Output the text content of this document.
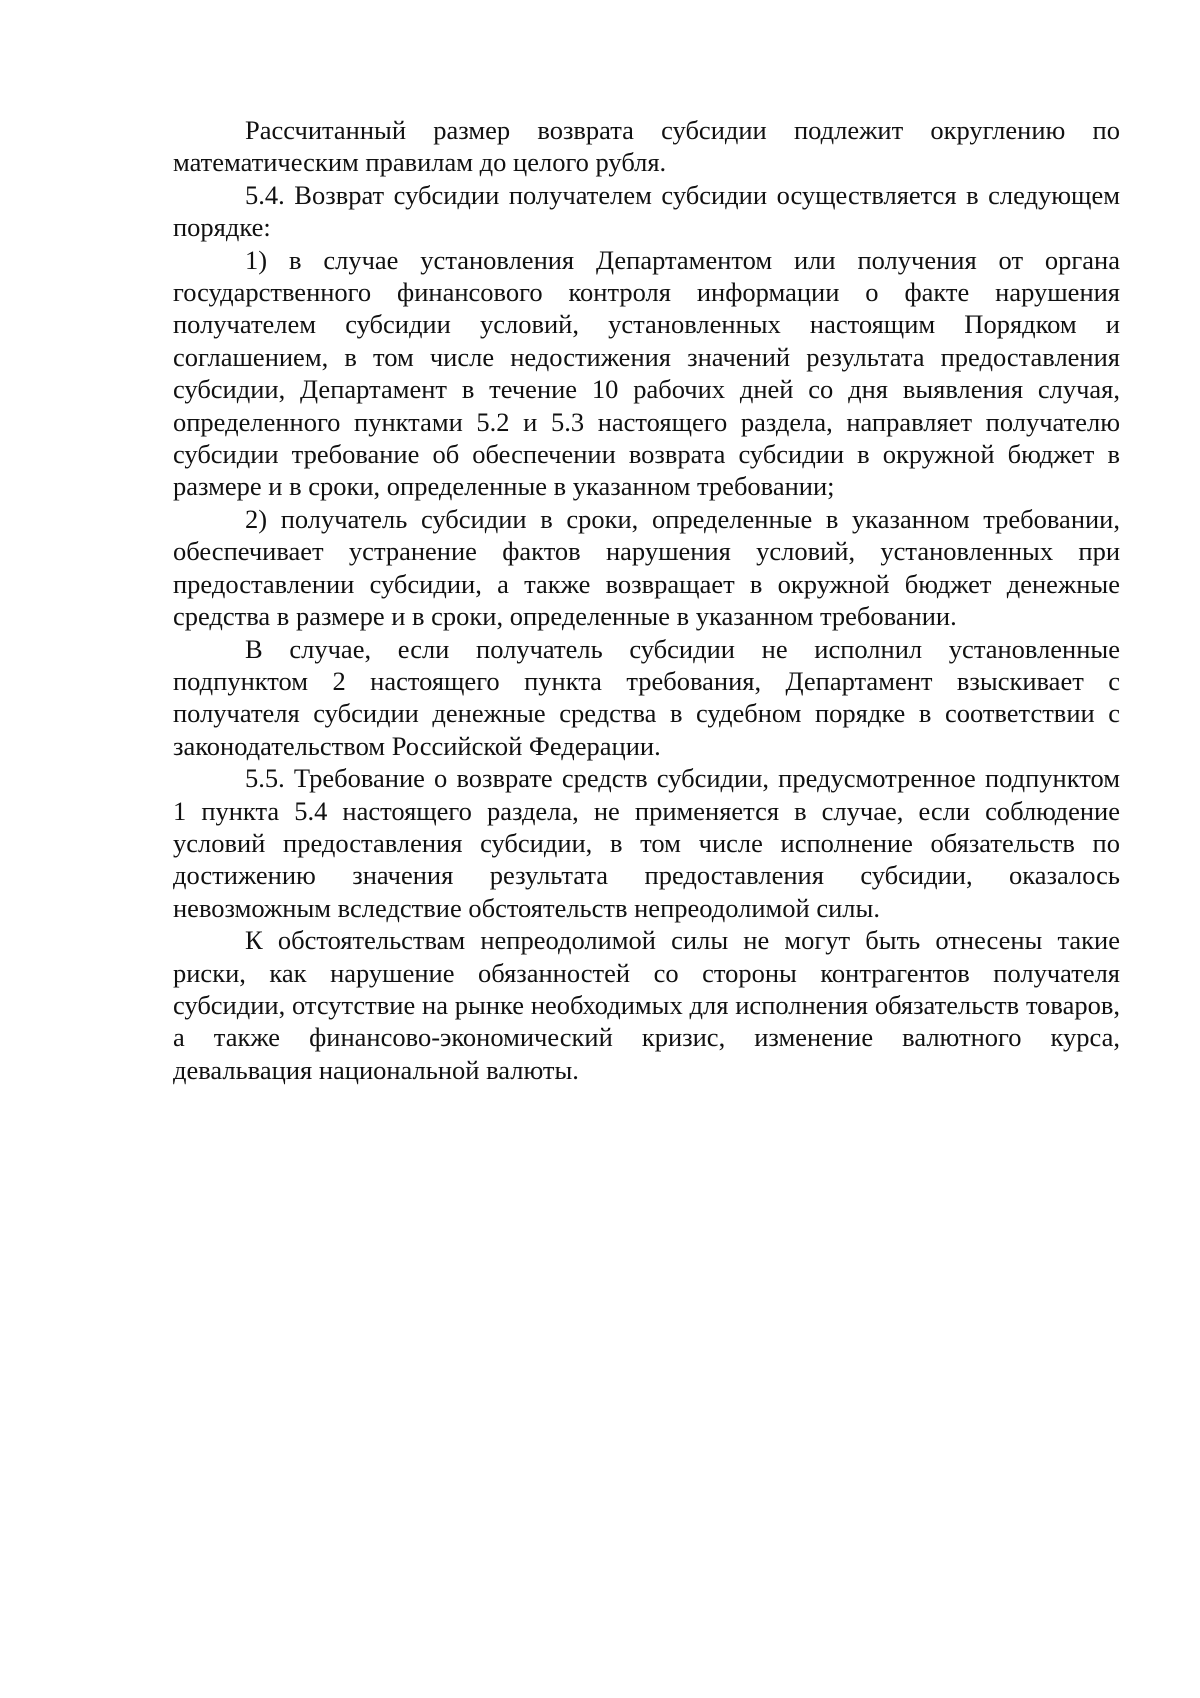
Рассчитанный размер возврата субсидии подлежит округлению по математическим правилам до целого рубля.

5.4. Возврат субсидии получателем субсидии осуществляется в следующем порядке:

1) в случае установления Департаментом или получения от органа государственного финансового контроля информации о факте нарушения получателем субсидии условий, установленных настоящим Порядком и соглашением, в том числе недостижения значений результата предоставления субсидии, Департамент в течение 10 рабочих дней со дня выявления случая, определенного пунктами 5.2 и 5.3 настоящего раздела, направляет получателю субсидии требование об обеспечении возврата субсидии в окружной бюджет в размере и в сроки, определенные в указанном требовании;

2) получатель субсидии в сроки, определенные в указанном требовании, обеспечивает устранение фактов нарушения условий, установленных при предоставлении субсидии, а также возвращает в окружной бюджет денежные средства в размере и в сроки, определенные в указанном требовании.

В случае, если получатель субсидии не исполнил установленные подпунктом 2 настоящего пункта требования, Департамент взыскивает с получателя субсидии денежные средства в судебном порядке в соответствии с законодательством Российской Федерации.

5.5. Требование о возврате средств субсидии, предусмотренное подпунктом 1 пункта 5.4 настоящего раздела, не применяется в случае, если соблюдение условий предоставления субсидии, в том числе исполнение обязательств по достижению значения результата предоставления субсидии, оказалось невозможным вследствие обстоятельств непреодолимой силы.

К обстоятельствам непреодолимой силы не могут быть отнесены такие риски, как нарушение обязанностей со стороны контрагентов получателя субсидии, отсутствие на рынке необходимых для исполнения обязательств товаров, а также финансово-экономический кризис, изменение валютного курса, девальвация национальной валюты.
